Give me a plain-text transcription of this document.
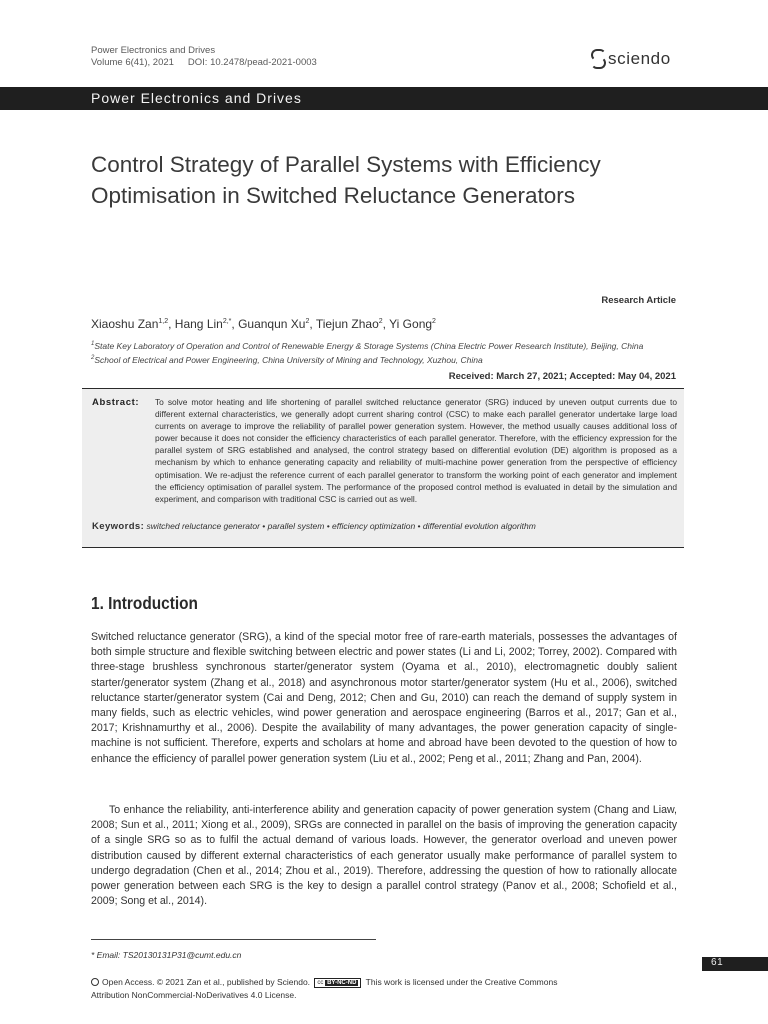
Power Electronics and Drives
Volume 6(41), 2021 DOI: 10.2478/pead-2021-0003	sciendo
Power Electronics and Drives
Control Strategy of Parallel Systems with Efficiency Optimisation in Switched Reluctance Generators
Research Article
Xiaoshu Zan$^{1,2}$, Hang Lin$^{2,*}$, Guanqun Xu$^2$, Tiejun Zhao$^2$, Yi Gong$^2$
$^1$State Key Laboratory of Operation and Control of Renewable Energy & Storage Systems (China Electric Power Research Institute), Beijing, China
$^2$School of Electrical and Power Engineering, China University of Mining and Technology, Xuzhou, China
Received: March 27, 2021; Accepted: May 04, 2021
Abstract: To solve motor heating and life shortening of parallel switched reluctance generator (SRG) induced by uneven output currents due to different external characteristics, we generally adopt current sharing control (CSC) to make each parallel generator undertake large load currents on average to improve the reliability of parallel power generation system. However, the method usually causes additional loss of power because it does not consider the efficiency characteristics of each parallel generator. Therefore, with the efficiency expression for the parallel system of SRG established and analysed, the control strategy based on differential evolution (DE) algorithm is proposed as a mechanism by which to enhance generating capacity and reliability of multi-machine power generation from the perspective of efficiency optimisation. We re-adjust the reference current of each parallel generator to transform the working point of each generator and implement the efficiency optimisation of parallel system. The performance of the proposed control method is evaluated in detail by the simulation and experiment, and comparison with traditional CSC is carried out as well.

Keywords: switched reluctance generator • parallel system • efficiency optimization • differential evolution algorithm
1. Introduction

Switched reluctance generator (SRG), a kind of the special motor free of rare-earth materials, possesses the advantages of both simple structure and flexible switching between electric and power states (Li and Li, 2002; Torrey, 2002). Compared with three-stage brushless synchronous starter/generator system (Oyama et al., 2010), electromagnetic doubly salient starter/generator system (Zhang et al., 2018) and asynchronous motor starter/generator system (Hu et al., 2006), switched reluctance starter/generator system (Cai and Deng, 2012; Chen and Gu, 2010) can reach the demand of supply system in many fields, such as electric vehicles, wind power generation and aerospace engineering (Barros et al., 2017; Gan et al., 2017; Krishnamurthy et al., 2006). Despite the availability of many advantages, the power generation capacity of single-machine is not sufficient. Therefore, experts and scholars at home and abroad have been devoted to the question of how to enhance the efficiency of parallel power generation system (Liu et al., 2002; Peng et al., 2011; Zhang and Pan, 2004).

To enhance the reliability, anti-interference ability and generation capacity of power generation system (Chang and Liaw, 2008; Sun et al., 2011; Xiong et al., 2009), SRGs are connected in parallel on the basis of improving the generation capacity of a single SRG so as to fulfil the actual demand of various loads. However, the generator overload and uneven power distribution caused by different external characteristics of each generator usually make performance of parallel system to undergo degradation (Chen et al., 2014; Zhou et al., 2019). Therefore, addressing the question of how to rationally allocate power generation between each SRG is the key to design a parallel control strategy (Panov et al., 2008; Schofield et al., 2009; Song et al., 2014).

* Email: TS20130131P31@cumt.edu.cn
61
Open Access. © 2021 Zan et al., published by Sciendo. cc BY-NC-ND This work is licensed under the Creative Commons Attribution NonCommercial-NoDerivatives 4.0 License.
